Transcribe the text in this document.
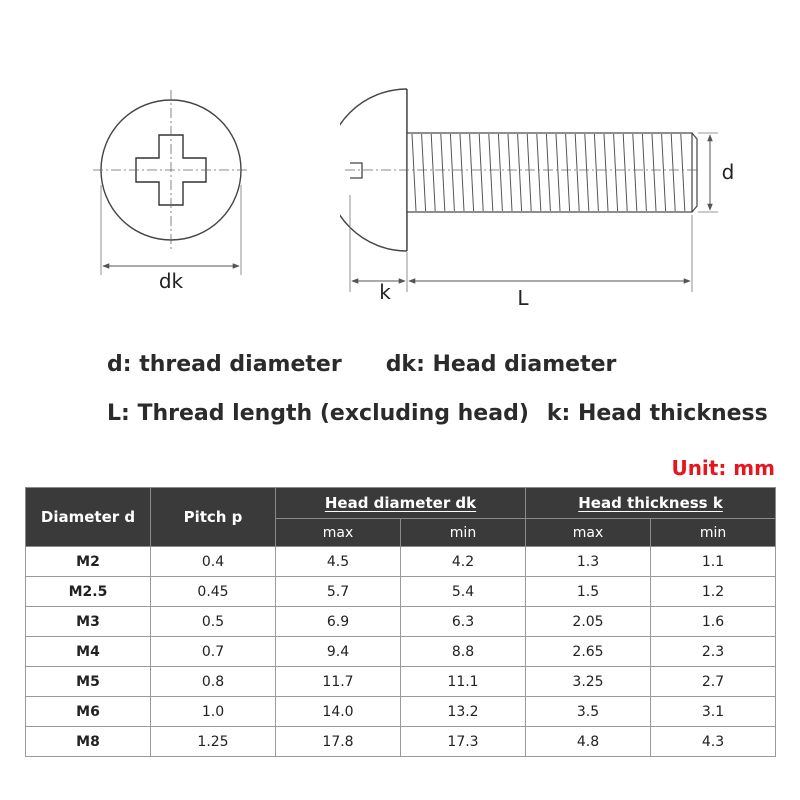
dk	k	L
d
d: thread diameter dk: Head diameter
L: Thread length (excluding head) k: Head thickness
Unit: mm
Diameter d	Pitch p	Head diameter dk		Head thickness k	
		max	min	max	min
M2	0.4	4.5	4.2	1.3	1.1
M2.5	0.45	5.7	5.4	1.5	1.2
M3	0.5	6.9	6.3	2.05	1.6
M4	0.7	9.4	8.8	2.65	2.3
M5	0.8	11.7	11.1	3.25	2.7
M6	1.0	14.0	13.2	3.5	3.1
M8	1.25	17.8	17.3	4.8	4.3
